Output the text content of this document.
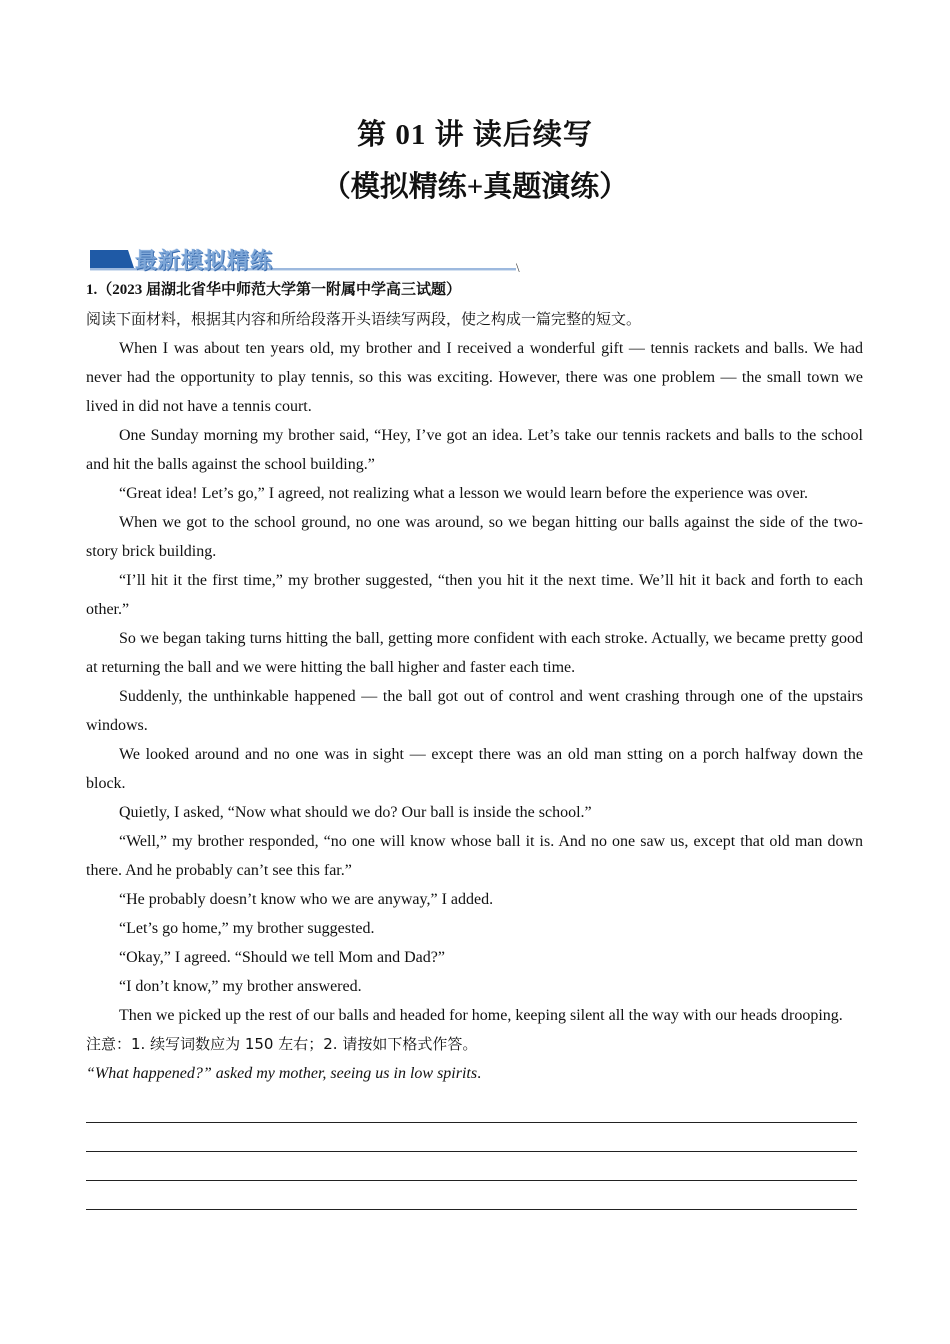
第 01 讲 读后续写
（模拟精练+真题演练）
最新模拟精练	\

1.（2023 届湖北省华中师范大学第一附属中学高三试题）

阅读下面材料，根据其内容和所给段落开头语续写两段，使之构成一篇完整的短文。

When I was about ten years old, my brother and I received a wonderful gift — tennis rackets and balls. We had never had the opportunity to play tennis, so this was exciting. However, there was one problem — the small town we lived in did not have a tennis court.

One Sunday morning my brother said, “Hey, I’ve got an idea. Let’s take our tennis rackets and balls to the school and hit the balls against the school building.”

“Great idea! Let’s go,” I agreed, not realizing what a lesson we would learn before the experience was over.

When we got to the school ground, no one was around, so we began hitting our balls against the side of the two-story brick building.

“I’ll hit it the first time,” my brother suggested, “then you hit it the next time. We’ll hit it back and forth to each other.”

So we began taking turns hitting the ball, getting more confident with each stroke. Actually, we became pretty good at returning the ball and we were hitting the ball higher and faster each time.

Suddenly, the unthinkable happened — the ball got out of control and went crashing through one of the upstairs windows.

We looked around and no one was in sight — except there was an old man stting on a porch halfway down the block.

Quietly, I asked, “Now what should we do? Our ball is inside the school.”

“Well,” my brother responded, “no one will know whose ball it is. And no one saw us, except that old man down there. And he probably can’t see this far.”

“He probably doesn’t know who we are anyway,” I added.

“Let’s go home,” my brother suggested.

“Okay,” I agreed. “Should we tell Mom and Dad?”

“I don’t know,” my brother answered.

Then we picked up the rest of our balls and headed for home, keeping silent all the way with our heads drooping.

注意：1. 续写词数应为 150 左右；2. 请按如下格式作答。

“What happened?” asked my mother, seeing us in low spirits.
